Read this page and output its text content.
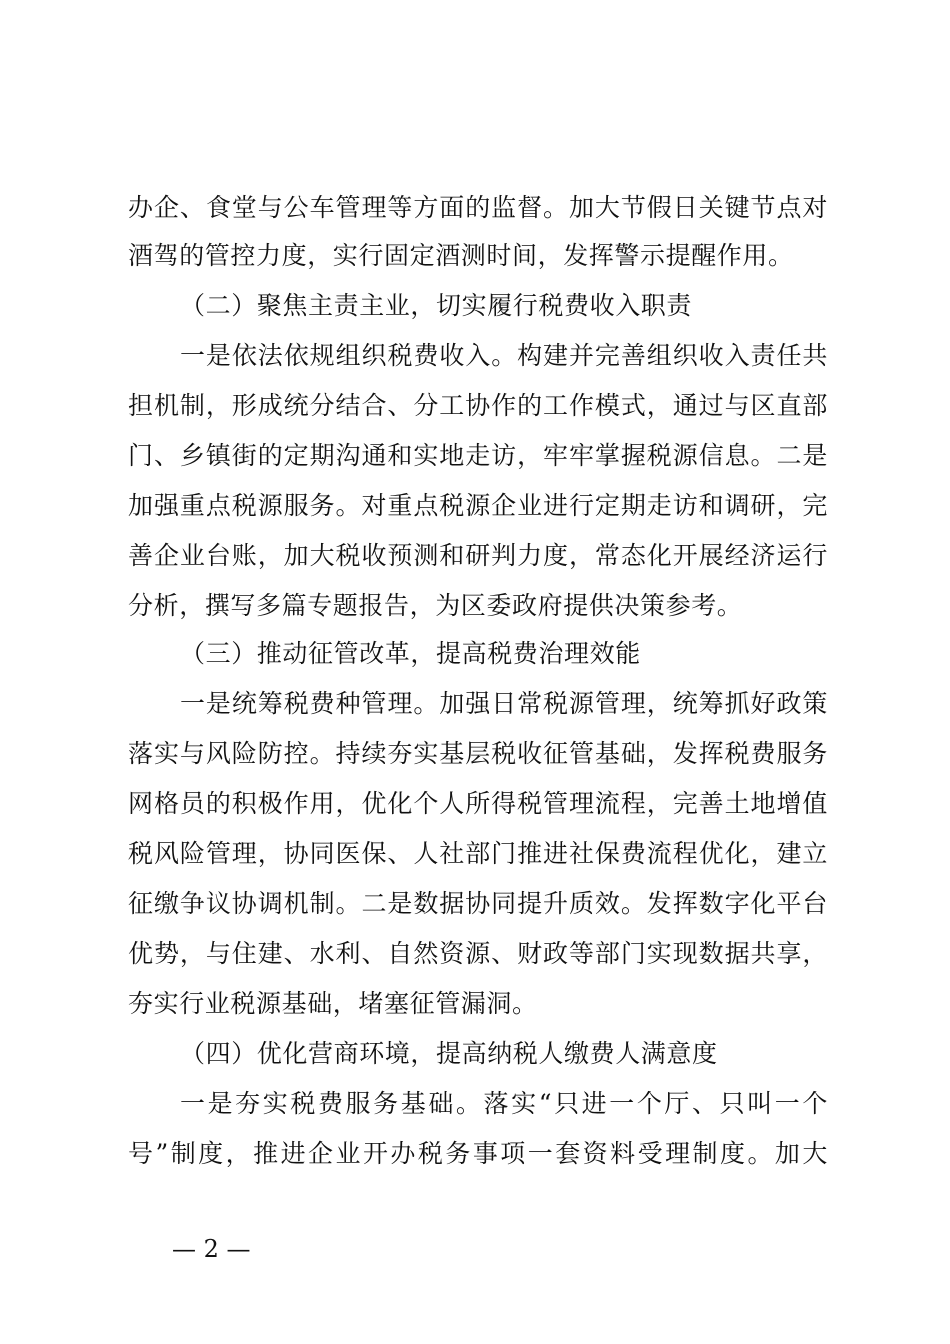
办企、食堂与公车管理等方面的监督。加大节假日关键节点对
酒驾的管控力度，实行固定酒测时间，发挥警示提醒作用。
（二）聚焦主责主业，切实履行税费收入职责
一是依法依规组织税费收入。构建并完善组织收入责任共
担机制，形成统分结合、分工协作的工作模式，通过与区直部
门、乡镇街的定期沟通和实地走访，牢牢掌握税源信息。二是
加强重点税源服务。对重点税源企业进行定期走访和调研，完
善企业台账，加大税收预测和研判力度，常态化开展经济运行
分析，撰写多篇专题报告，为区委政府提供决策参考。
（三）推动征管改革，提高税费治理效能
一是统筹税费种管理。加强日常税源管理，统筹抓好政策
落实与风险防控。持续夯实基层税收征管基础，发挥税费服务
网格员的积极作用，优化个人所得税管理流程，完善土地增值
税风险管理，协同医保、人社部门推进社保费流程优化，建立
征缴争议协调机制。二是数据协同提升质效。发挥数字化平台
优势，与住建、水利、自然资源、财政等部门实现数据共享，
夯实行业税源基础，堵塞征管漏洞。
（四）优化营商环境，提高纳税人缴费人满意度
一是夯实税费服务基础。落实“只进一个厅、只叫一个
号”制度，推进企业开办税务事项一套资料受理制度。加大
— 2 —
